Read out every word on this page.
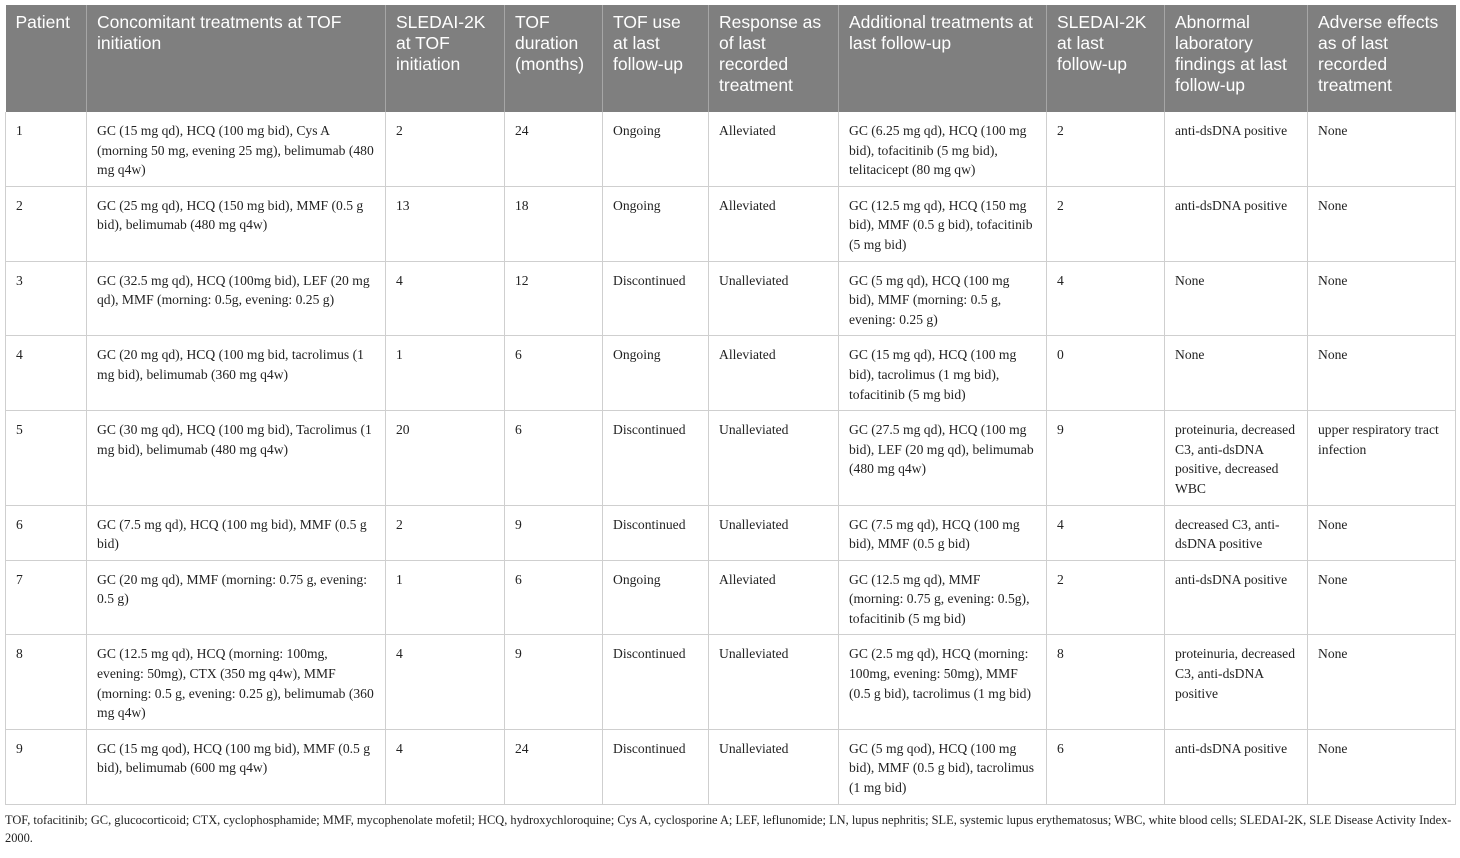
Patient	Concomitant treatments at TOF initiation	SLEDAI-2K at TOF initiation	TOF duration (months)	TOF use at last follow-up	Response as of last recorded treatment	Additional treatments at last follow-up	SLEDAI-2K at last follow-up	Abnormal laboratory findings at last follow-up	Adverse effects as of last recorded treatment
1	GC (15 mg qd), HCQ (100 mg bid), Cys A (morning 50 mg, evening 25 mg), belimumab (480 mg q4w)	2	24	Ongoing	Alleviated	GC (6.25 mg qd), HCQ (100 mg bid), tofacitinib (5 mg bid), telitacicept (80 mg qw)	2	anti-dsDNA positive	None
2	GC (25 mg qd), HCQ (150 mg bid), MMF (0.5 g bid), belimumab (480 mg q4w)	13	18	Ongoing	Alleviated	GC (12.5 mg qd), HCQ (150 mg bid), MMF (0.5 g bid), tofacitinib (5 mg bid)	2	anti-dsDNA positive	None
3	GC (32.5 mg qd), HCQ (100mg bid), LEF (20 mg qd), MMF (morning: 0.5g, evening: 0.25 g)	4	12	Discontinued	Unalleviated	GC (5 mg qd), HCQ (100 mg bid), MMF (morning: 0.5 g, evening: 0.25 g)	4	None	None
4	GC (20 mg qd), HCQ (100 mg bid, tacrolimus (1 mg bid), belimumab (360 mg q4w)	1	6	Ongoing	Alleviated	GC (15 mg qd), HCQ (100 mg bid), tacrolimus (1 mg bid), tofacitinib (5 mg bid)	0	None	None
5	GC (30 mg qd), HCQ (100 mg bid), Tacrolimus (1 mg bid), belimumab (480 mg q4w)	20	6	Discontinued	Unalleviated	GC (27.5 mg qd), HCQ (100 mg bid), LEF (20 mg qd), belimumab (480 mg q4w)	9	proteinuria, decreased C3, anti-dsDNA positive, decreased WBC	upper respiratory tract infection
6	GC (7.5 mg qd), HCQ (100 mg bid), MMF (0.5 g bid)	2	9	Discontinued	Unalleviated	GC (7.5 mg qd), HCQ (100 mg bid), MMF (0.5 g bid)	4	decreased C3, anti-dsDNA positive	None
7	GC (20 mg qd), MMF (morning: 0.75 g, evening: 0.5 g)	1	6	Ongoing	Alleviated	GC (12.5 mg qd), MMF (morning: 0.75 g, evening: 0.5g), tofacitinib (5 mg bid)	2	anti-dsDNA positive	None
8	GC (12.5 mg qd), HCQ (morning: 100mg, evening: 50mg), CTX (350 mg q4w), MMF (morning: 0.5 g, evening: 0.25 g), belimumab (360 mg q4w)	4	9	Discontinued	Unalleviated	GC (2.5 mg qd), HCQ (morning: 100mg, evening: 50mg), MMF (0.5 g bid), tacrolimus (1 mg bid)	8	proteinuria, decreased C3, anti-dsDNA positive	None
9	GC (15 mg qod), HCQ (100 mg bid), MMF (0.5 g bid), belimumab (600 mg q4w)	4	24	Discontinued	Unalleviated	GC (5 mg qod), HCQ (100 mg bid), MMF (0.5 g bid), tacrolimus (1 mg bid)	6	anti-dsDNA positive	None
TOF, tofacitinib; GC, glucocorticoid; CTX, cyclophosphamide; MMF, mycophenolate mofetil; HCQ, hydroxychloroquine; Cys A, cyclosporine A; LEF, leflunomide; LN, lupus nephritis; SLE, systemic lupus erythematosus; WBC, white blood cells; SLEDAI-2K, SLE Disease Activity Index-2000.
